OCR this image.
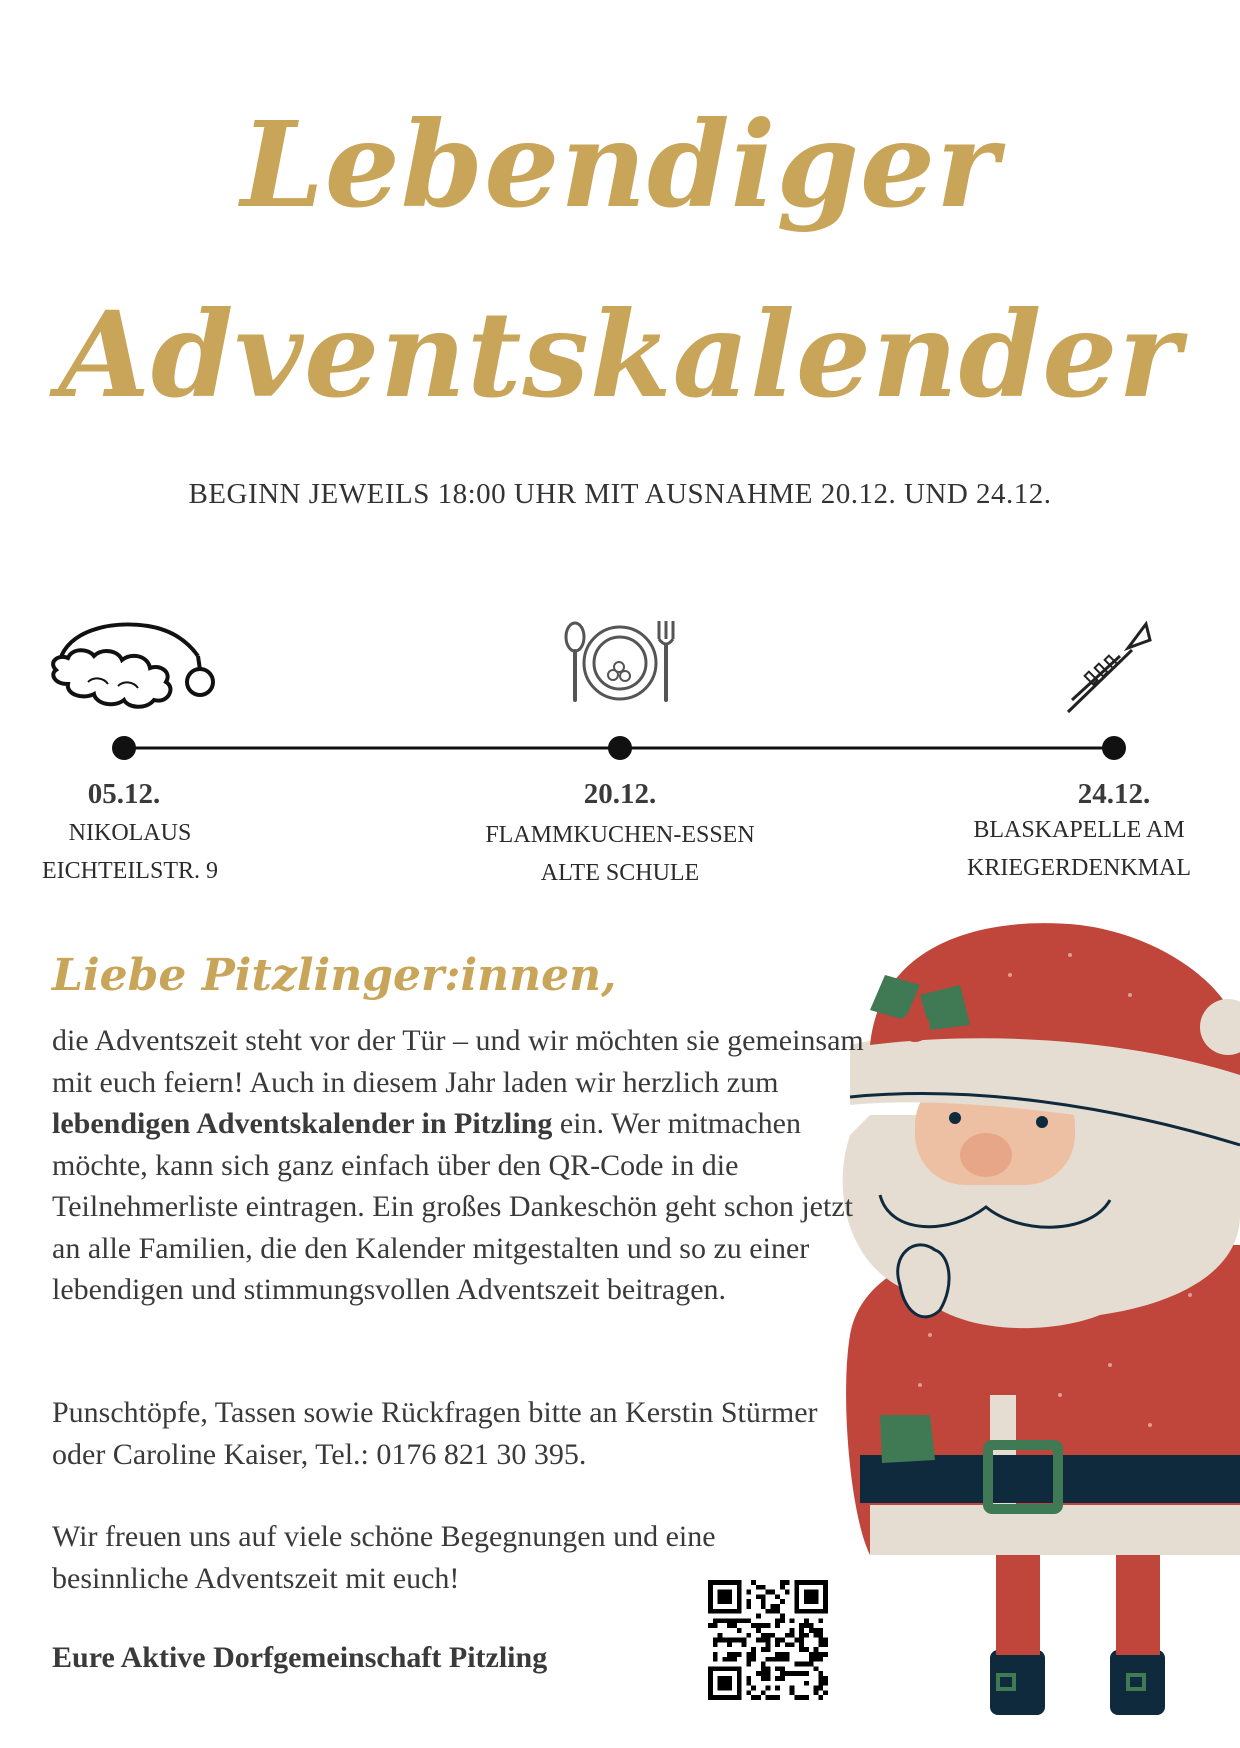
Lebendiger
Adventskalender
BEGINN JEWEILS 18:00 UHR MIT AUSNAHME 20.12. UND 24.12.
05.12.
NIKOLAUS
EICHTEILSTR. 9
20.12.
FLAMMKUCHEN-ESSEN
ALTE SCHULE
24.12.
BLASKAPELLE AM
KRIEGERDENKMAL
Liebe Pitzlinger:innen,
die Adventszeit steht vor der Tür – und wir möchten sie gemeinsam mit euch feiern! Auch in diesem Jahr laden wir herzlich zum lebendigen Adventskalender in Pitzling ein. Wer mitmachen möchte, kann sich ganz einfach über den QR-Code in die Teilnehmerliste eintragen. Ein großes Dankeschön geht schon jetzt an alle Familien, die den Kalender mitgestalten und so zu einer lebendigen und stimmungsvollen Adventszeit beitragen.
Punschtöpfe, Tassen sowie Rückfragen bitte an Kerstin Stürmer oder Caroline Kaiser, Tel.: 0176 821 30 395.
Wir freuen uns auf viele schöne Begegnungen und eine besinnliche Adventszeit mit euch!
Eure Aktive Dorfgemeinschaft Pitzling
